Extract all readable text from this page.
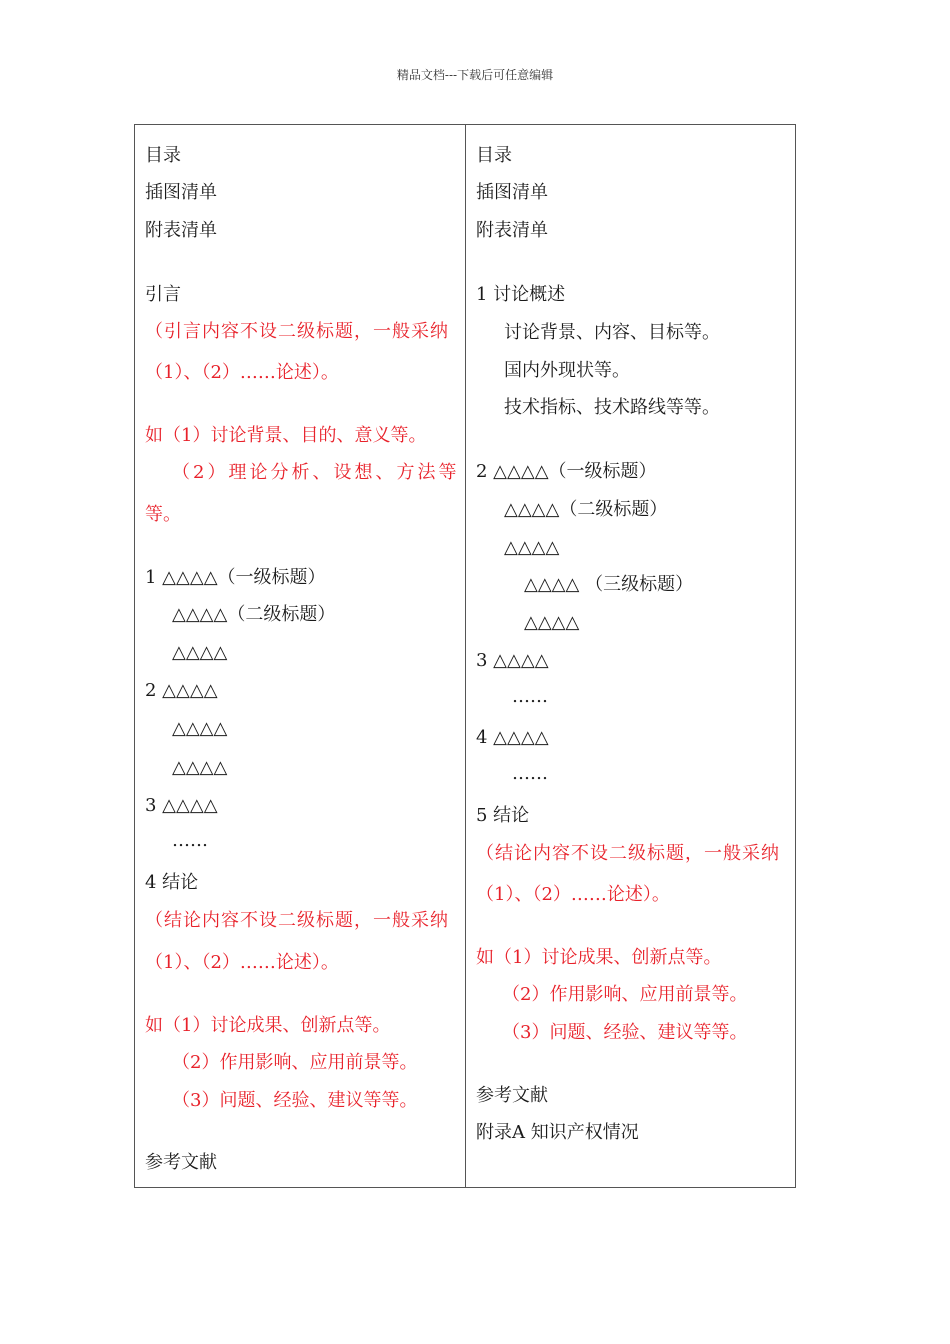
精品文档---下载后可任意编辑
目录
插图清单
附表清单
引言
（引言内容不设二级标题，一般采纳
（1）、（2）……论述）。
如（1）讨论背景、目的、意义等。
（2）理论分析、设想、方法等
等。
1 △△△△（一级标题）
△△△△（二级标题）
△△△△
2 △△△△
△△△△
△△△△
3 △△△△
……
4 结论
（结论内容不设二级标题，一般采纳
（1）、（2）……论述）。
如（1）讨论成果、创新点等。
（2）作用影响、应用前景等。
（3）问题、经验、建议等等。
参考文献
目录
插图清单
附表清单
1 讨论概述
讨论背景、内容、目标等。
国内外现状等。
技术指标、技术路线等等。
2 △△△△（一级标题）
△△△△（二级标题）
△△△△
△△△△ （三级标题）
△△△△
3 △△△△
……
4 △△△△
……
5 结论
（结论内容不设二级标题，一般采纳
（1）、（2）……论述）。
如（1）讨论成果、创新点等。
（2）作用影响、应用前景等。
（3）问题、经验、建议等等。
参考文献
附录A 知识产权情况
